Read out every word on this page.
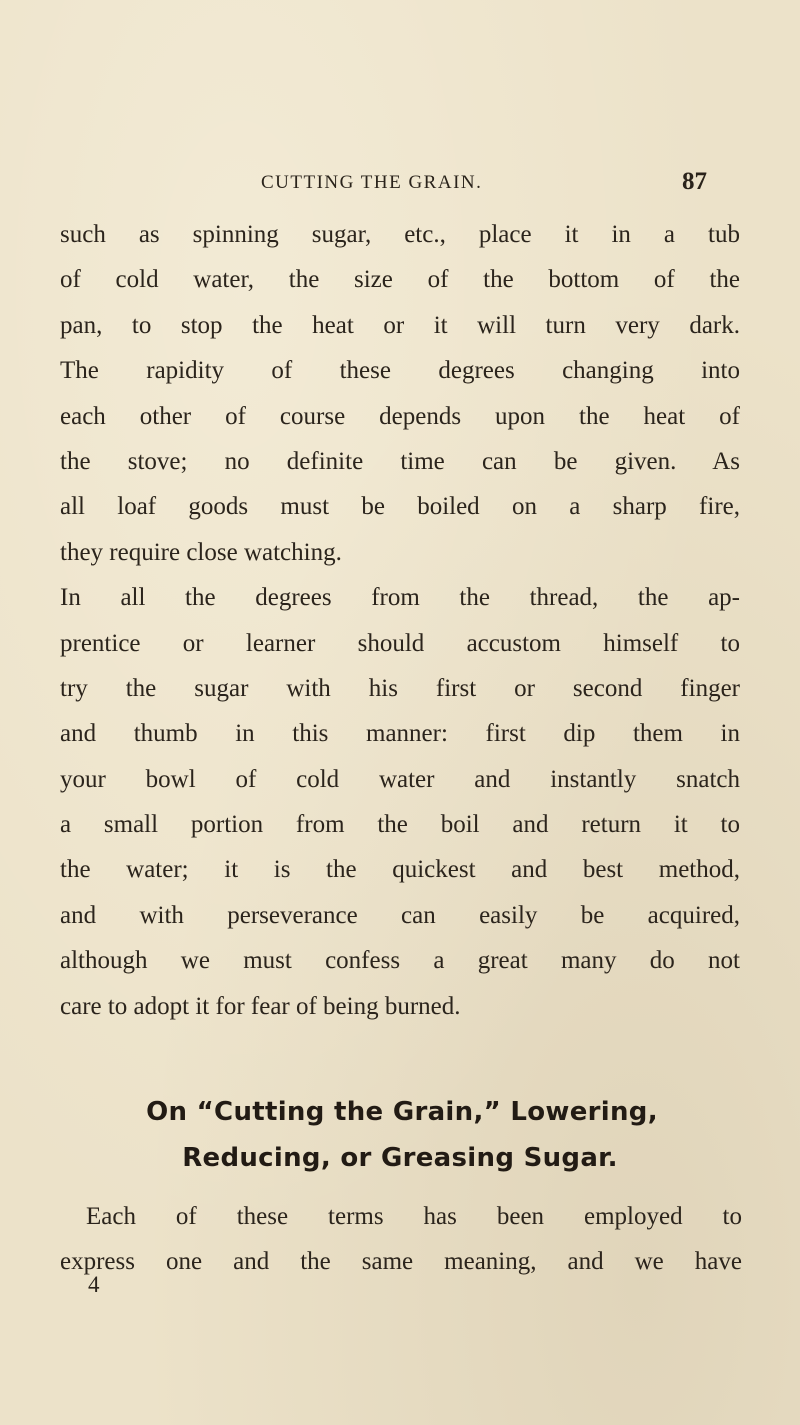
CUTTING THE GRAIN.	87
such as spinning sugar, etc., place it in a tub
of cold water, the size of the bottom of the
pan, to stop the heat or it will turn very dark.
The rapidity of these degrees changing into
each other of course depends upon the heat of
the stove; no definite time can be given. As
all loaf goods must be boiled on a sharp fire,
they require close watching.
In all the degrees from the thread, the ap-
prentice or learner should accustom himself to
try the sugar with his first or second finger
and thumb in this manner: first dip them in
your bowl of cold water and instantly snatch
a small portion from the boil and return it to
the water; it is the quickest and best method,
and with perseverance can easily be acquired,
although we must confess a great many do not
care to adopt it for fear of being burned.
On “Cutting the Grain,” Lowering,
Reducing, or Greasing Sugar.
Each of these terms has been employed to
express one and the same meaning, and we have
4
